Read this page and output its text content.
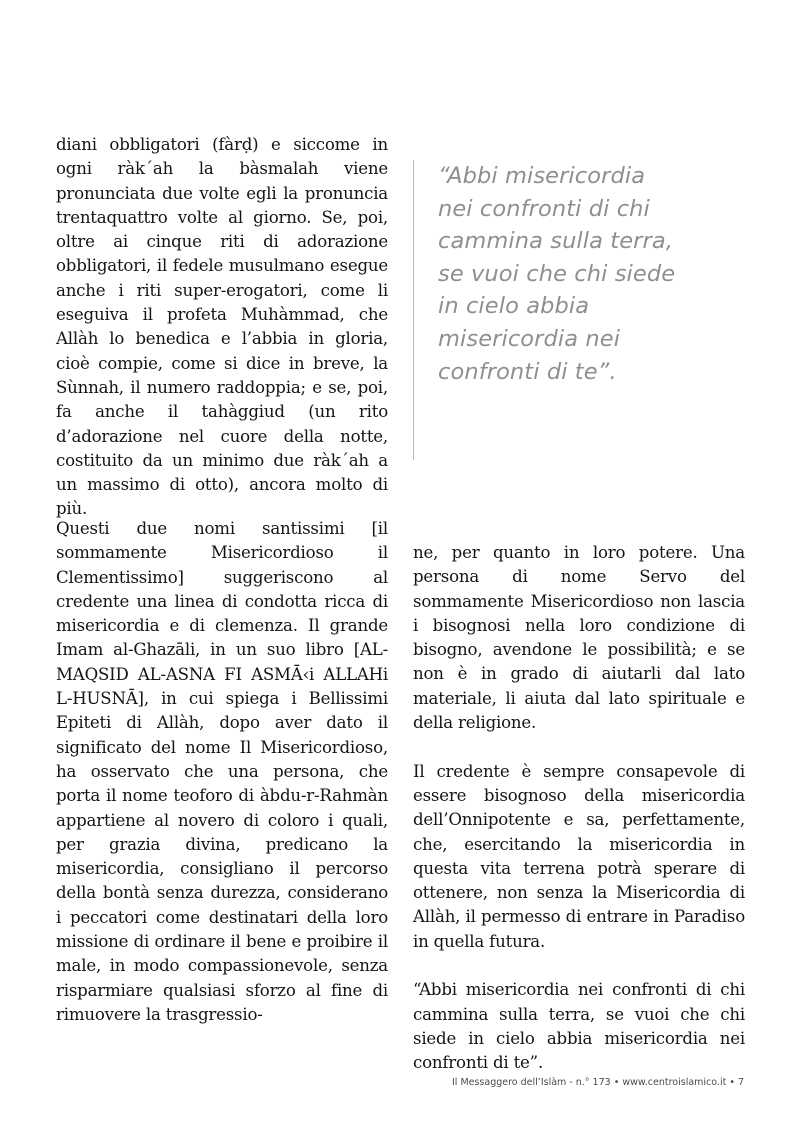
diani obbligatori (fàrḍ) e siccome in ogni ràk´ah la bàsmalah viene pronunciata due volte egli la pronuncia trentaquattro volte al giorno. Se, poi, oltre ai cinque riti di adorazione obbligatori, il fedele musulmano esegue anche i riti super-erogatori, come li eseguiva il profeta Muhàmmad, che Allàh lo benedica e l’abbia in gloria, cioè compie, come si dice in breve, la Sùnnah, il numero raddoppia; e se, poi, fa anche il tahàggiud (un rito d’adorazione nel cuore della notte, costituito da un minimo due ràk´ah a un massimo di otto), ancora molto di più.

“Abbi misericordia nei confronti di chi cammina sulla terra, se vuoi che chi siede in cielo abbia misericordia nei confronti di te”.

Questi due nomi santissimi [il sommamente Misericordioso il Clementissimo] suggeriscono al credente una linea di condotta ricca di misericordia e di clemenza. Il grande Imam al-Ghazāli, in un suo libro [AL-MAQSID AL-ASNA FI ASMĀ‹i ALLAHi L-HUSNĀ], in cui spiega i Bellissimi Epiteti di Allàh, dopo aver dato il significato del nome Il Misericordioso, ha osservato che una persona, che porta il nome teoforo di àbdu-r-Rahmàn appartiene al novero di coloro i quali, per grazia divina, predicano la misericordia, consigliano il percorso della bontà senza durezza, considerano i peccatori come destinatari della loro missione di ordinare il bene e proibire il male, in modo compassionevole, senza risparmiare qualsiasi sforzo al fine di rimuovere la trasgressio-

ne, per quanto in loro potere. Una persona di nome Servo del sommamente Misericordioso non lascia i bisognosi nella loro condizione di bisogno, avendone le possibilità; e se non è in grado di aiutarli dal lato materiale, li aiuta dal lato spirituale e della religione.

Il credente è sempre consapevole di essere bisognoso della misericordia dell’Onnipotente e sa, perfettamente, che, esercitando la misericordia in questa vita terrena potrà sperare di ottenere, non senza la Misericordia di Allàh, il permesso di entrare in Paradiso in quella futura.

“Abbi misericordia nei confronti di chi cammina sulla terra, se vuoi che chi siede in cielo abbia misericordia nei confronti di te”.

Il Messaggero dell’Islàm - n.° 173 • www.centroislamico.it • 7
